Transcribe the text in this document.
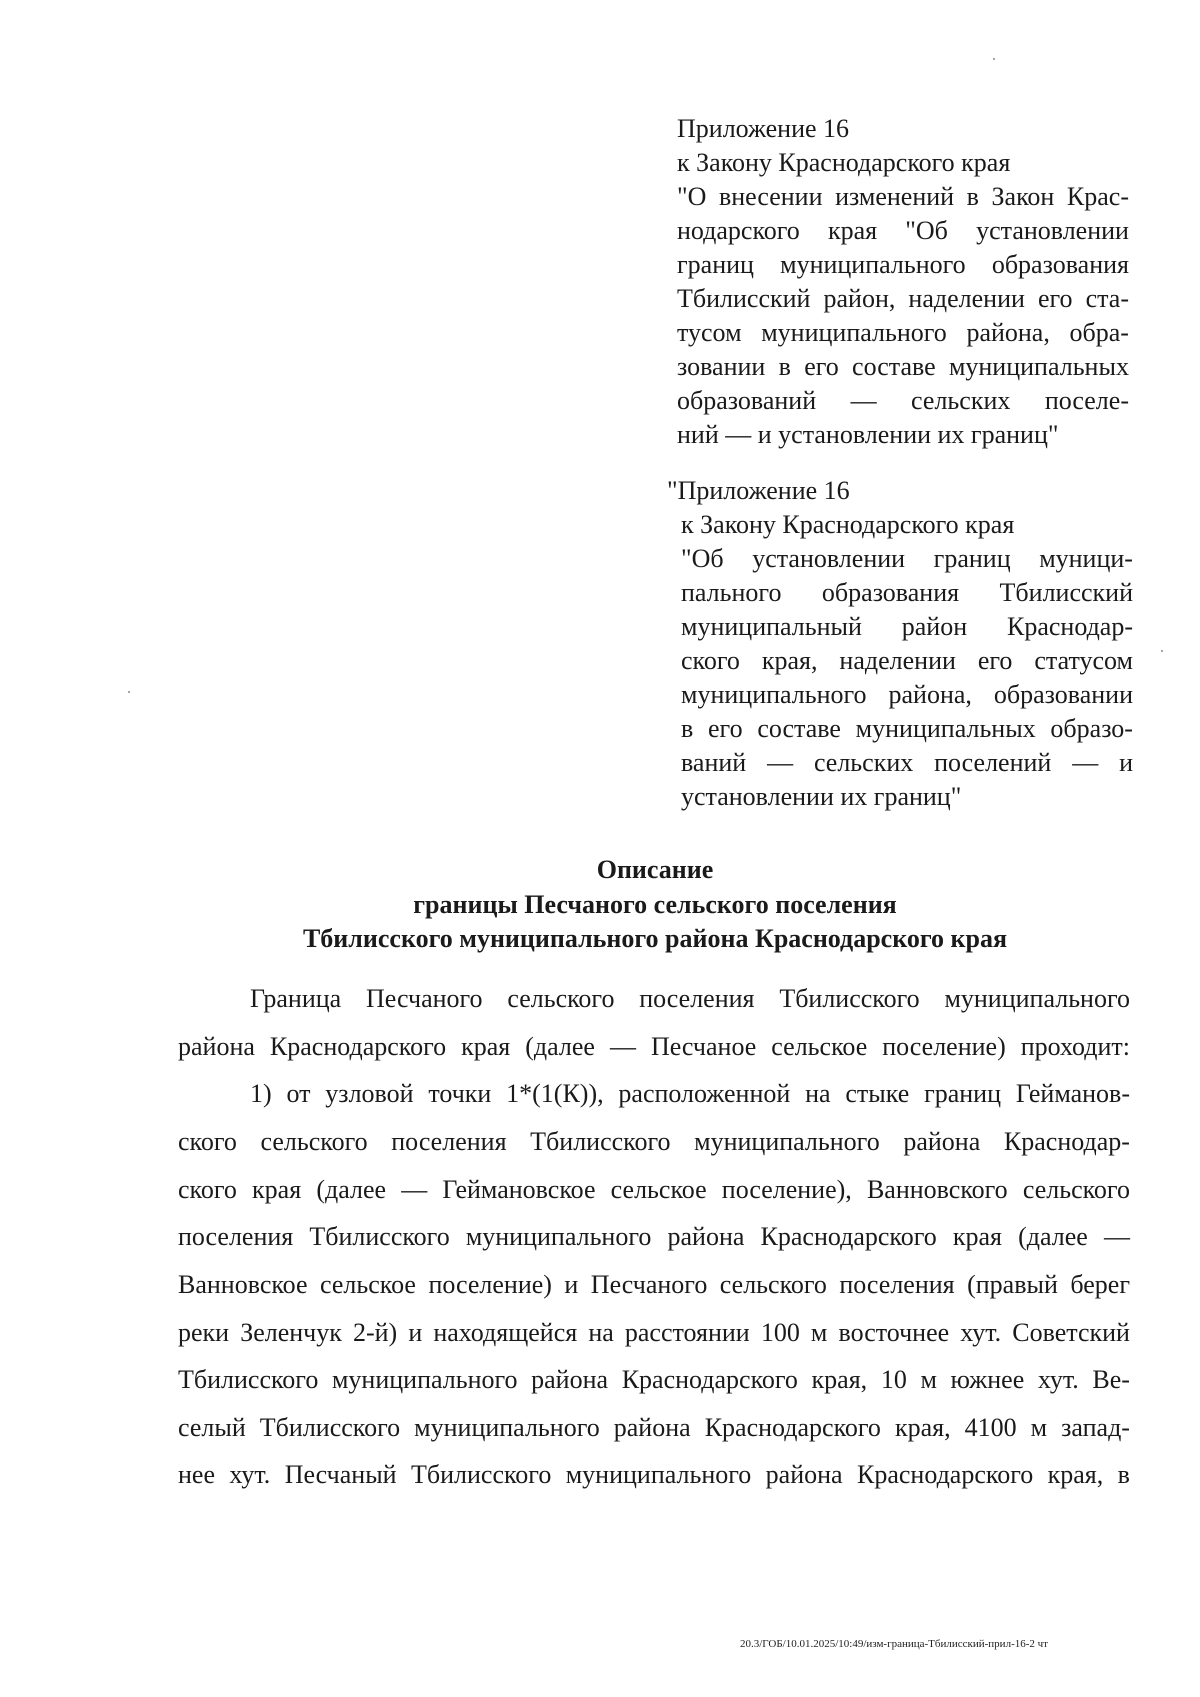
Приложение 16
к Закону Краснодарского края
"О внесении изменений в Закон Крас-
нодарского края "Об установлении
границ муниципального образования
Тбилисский район, наделении его ста-
тусом муниципального района, обра-
зовании в его составе муниципальных
образований — сельских поселе-
ний — и установлении их границ"
"Приложение 16
к Закону Краснодарского края
"Об установлении границ муници-
пального образования Тбилисский
муниципальный район Краснодар-
ского края, наделении его статусом
муниципального района, образовании
в его составе муниципальных образо-
ваний — сельских поселений — и
установлении их границ"
Описание
границы Песчаного сельского поселения
Тбилисского муниципального района Краснодарского края
Граница Песчаного сельского поселения Тбилисского муниципального
района Краснодарского края (далее — Песчаное сельское поселение) проходит:
1) от узловой точки 1*(1(К)), расположенной на стыке границ Гейманов-
ского сельского поселения Тбилисского муниципального района Краснодар-
ского края (далее — Геймановское сельское поселение), Ванновского сельского
поселения Тбилисского муниципального района Краснодарского края (далее —
Ванновское сельское поселение) и Песчаного сельского поселения (правый берег
реки Зеленчук 2-й) и находящейся на расстоянии 100 м восточнее хут. Советский
Тбилисского муниципального района Краснодарского края, 10 м южнее хут. Ве-
селый Тбилисского муниципального района Краснодарского края, 4100 м запад-
нее хут. Песчаный Тбилисского муниципального района Краснодарского края, в
20.3/ГОБ/10.01.2025/10:49/изм-граница-Тбилисский-прил-16-2 чт
